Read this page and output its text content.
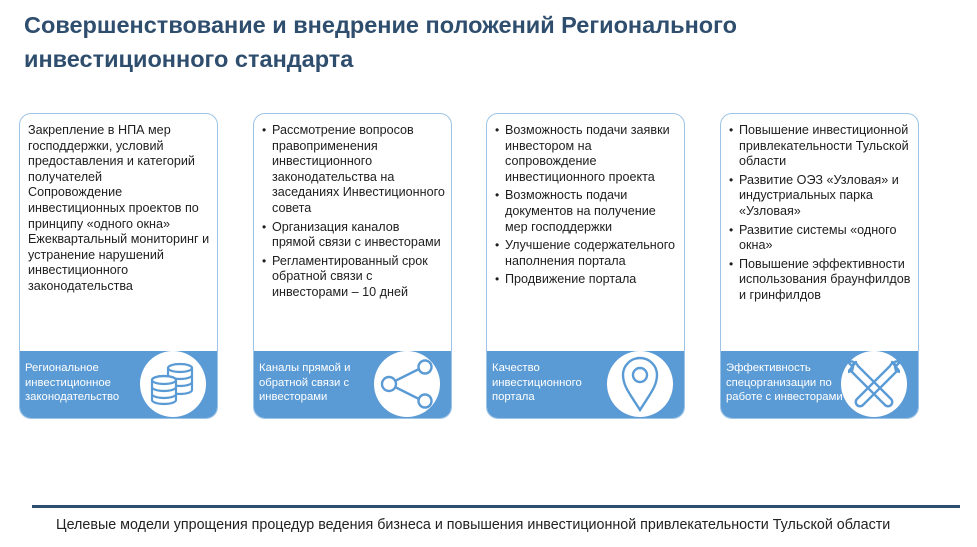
Совершенствование и внедрение положений Регионального
инвестиционного стандарта

Закрепление в НПА мер господдержки, условий предоставления и категорий получателей

Сопровождение инвестиционных проектов по принципу «одного окна»

Ежеквартальный мониторинг и устранение нарушений инвестиционного законодательства

Региональное инвестиционное законодательство
• Рассмотрение вопросов правоприменения инвестиционного законодательства на заседаниях Инвестиционного совета
• Организация каналов прямой связи с инвесторами
• Регламентированный срок обратной связи с инвесторами – 10 дней
Каналы прямой и обратной связи с инвесторами
• Возможность подачи заявки инвестором на сопровождение инвестиционного проекта
• Возможность подачи документов на получение мер господдержки
• Улучшение содержательного наполнения портала
• Продвижение портала
Качество инвестиционного портала
• Повышение инвестиционной привлекательности Тульской области
• Развитие ОЭЗ «Узловая» и индустриальных парка «Узловая»
• Развитие системы «одного окна»
• Повышение эффективности использования браунфилдов и гринфилдов
Эффективность спецорганизации по работе с инвесторами
Целевые модели упрощения процедур ведения бизнеса и повышения инвестиционной привлекательности Тульской области
